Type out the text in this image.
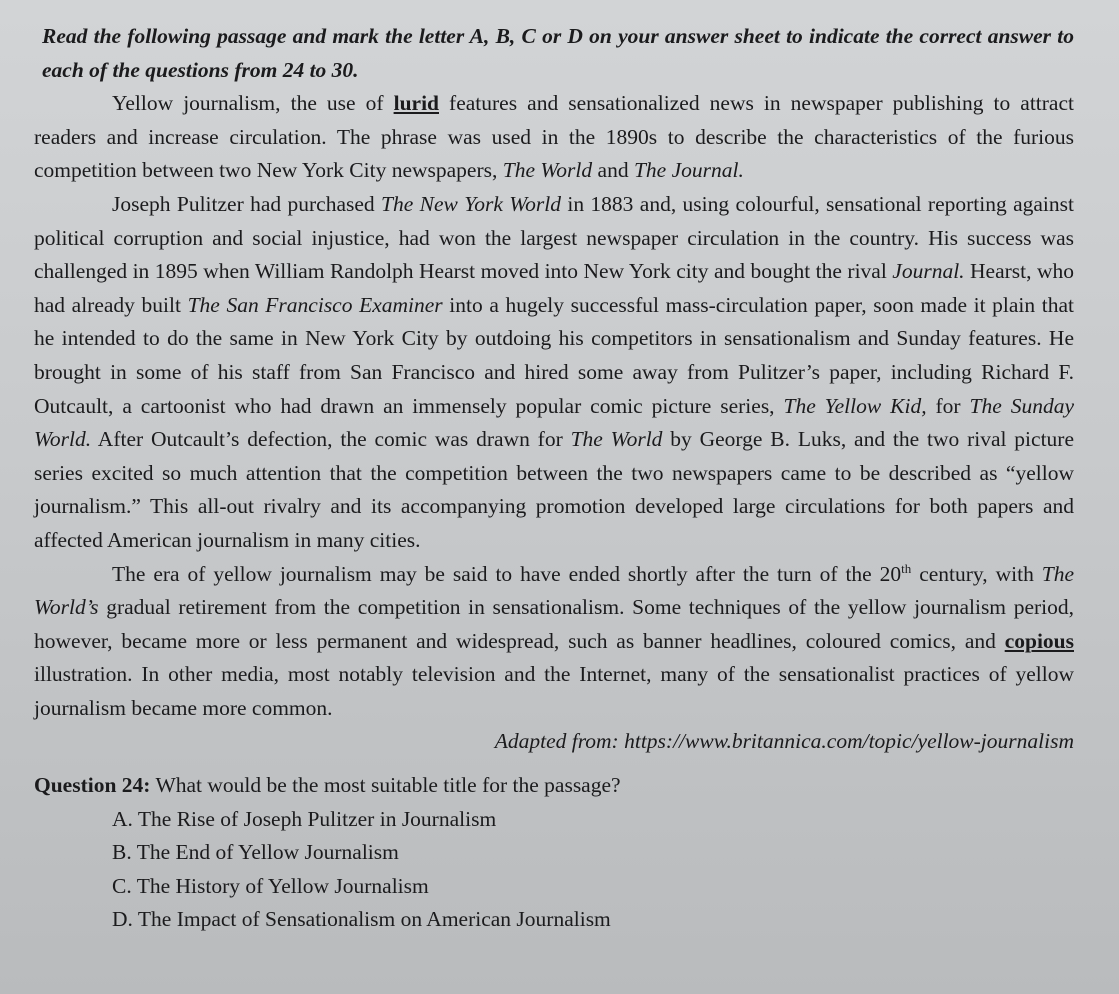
Read the following passage and mark the letter A, B, C or D on your answer sheet to indicate the correct answer to each of the questions from 24 to 30.

Yellow journalism, the use of lurid features and sensationalized news in newspaper publishing to attract readers and increase circulation. The phrase was used in the 1890s to describe the characteristics of the furious competition between two New York City newspapers, The World and The Journal.

Joseph Pulitzer had purchased The New York World in 1883 and, using colourful, sensational reporting against political corruption and social injustice, had won the largest newspaper circulation in the country. His success was challenged in 1895 when William Randolph Hearst moved into New York city and bought the rival Journal. Hearst, who had already built The San Francisco Examiner into a hugely successful mass-circulation paper, soon made it plain that he intended to do the same in New York City by outdoing his competitors in sensationalism and Sunday features. He brought in some of his staff from San Francisco and hired some away from Pulitzer’s paper, including Richard F. Outcault, a cartoonist who had drawn an immensely popular comic picture series, The Yellow Kid, for The Sunday World. After Outcault’s defection, the comic was drawn for The World by George B. Luks, and the two rival picture series excited so much attention that the competition between the two newspapers came to be described as “yellow journalism.” This all-out rivalry and its accompanying promotion developed large circulations for both papers and affected American journalism in many cities.

The era of yellow journalism may be said to have ended shortly after the turn of the 20th century, with The World’s gradual retirement from the competition in sensationalism. Some techniques of the yellow journalism period, however, became more or less permanent and widespread, such as banner headlines, coloured comics, and copious illustration. In other media, most notably television and the Internet, many of the sensationalist practices of yellow journalism became more common.

Adapted from: https://www.britannica.com/topic/yellow-journalism

Question 24: What would be the most suitable title for the passage?

A. The Rise of Joseph Pulitzer in Journalism
B. The End of Yellow Journalism
C. The History of Yellow Journalism
D. The Impact of Sensationalism on American Journalism
